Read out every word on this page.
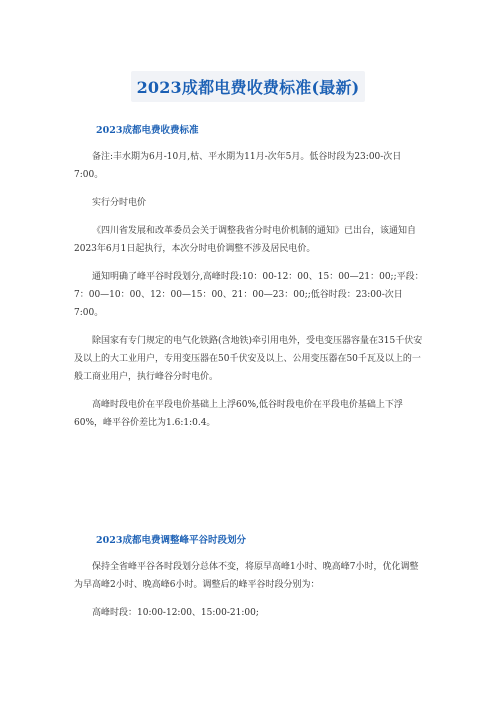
2023成都电费收费标准(最新)
2023成都电费收费标准

备注:丰水期为6月-10月,枯、平水期为11月-次年5月。低谷时段为23:00-次日7:00。

实行分时电价

《四川省发展和改革委员会关于调整我省分时电价机制的通知》已出台，该通知自2023年6月1日起执行，本次分时电价调整不涉及居民电价。

通知明确了峰平谷时段划分,高峰时段:10：00-12：00、15：00—21：00;;平段：7：00—10：00、12：00—15：00、21：00—23：00;;低谷时段：23:00-次日7:00。

除国家有专门规定的电气化铁路(含地铁)牵引用电外，受电变压器容量在315千伏安及以上的大工业用户，专用变压器在50千伏安及以上、公用变压器在50千瓦及以上的一般工商业用户，执行峰谷分时电价。

高峰时段电价在平段电价基础上上浮60%,低谷时段电价在平段电价基础上下浮60%，峰平谷价差比为1.6:1:0.4。

2023成都电费调整峰平谷时段划分

保持全省峰平谷各时段划分总体不变，将原早高峰1小时、晚高峰7小时，优化调整为早高峰2小时、晚高峰6小时。调整后的峰平谷时段分别为：

高峰时段：10:00-12:00、15:00-21:00;
